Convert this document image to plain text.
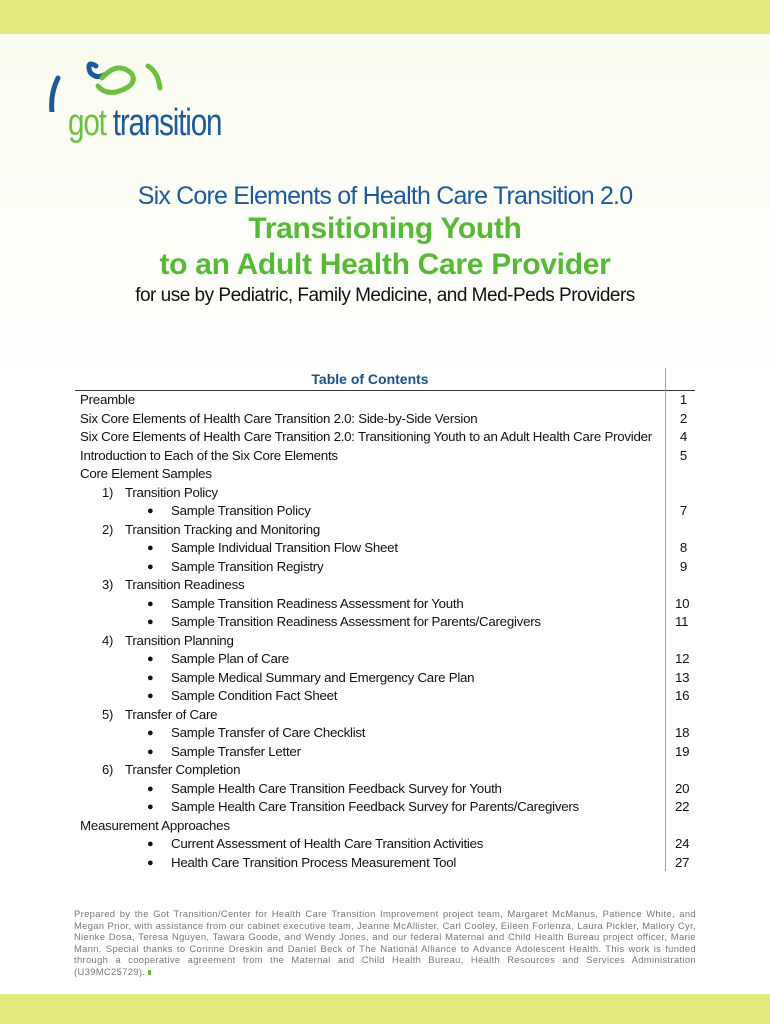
got transition
Six Core Elements of Health Care Transition 2.0
Transitioning Youth
to an Adult Health Care Provider
for use by Pediatric, Family Medicine, and Med-Peds Providers
Table of Contents
Preamble	1
Six Core Elements of Health Care Transition 2.0: Side-by-Side Version	2
Six Core Elements of Health Care Transition 2.0: Transitioning Youth to an Adult Health Care Provider	4
Introduction to Each of the Six Core Elements	5
Core Element Samples
1) Transition Policy
● Sample Transition Policy	7
2) Transition Tracking and Monitoring
● Sample Individual Transition Flow Sheet	8
● Sample Transition Registry	9
3) Transition Readiness
● Sample Transition Readiness Assessment for Youth	10
● Sample Transition Readiness Assessment for Parents/Caregivers	11
4) Transition Planning
● Sample Plan of Care	12
● Sample Medical Summary and Emergency Care Plan	13
● Sample Condition Fact Sheet	16
5) Transfer of Care
● Sample Transfer of Care Checklist	18
● Sample Transfer Letter	19
6) Transfer Completion
● Sample Health Care Transition Feedback Survey for Youth	20
● Sample Health Care Transition Feedback Survey for Parents/Caregivers	22
Measurement Approaches
● Current Assessment of Health Care Transition Activities	24
● Health Care Transition Process Measurement Tool	27
Prepared by the Got Transition/Center for Health Care Transition Improvement project team, Margaret McManus, Patience White, and Megan Prior, with assistance from our cabinet executive team, Jeanne McAllister, Carl Cooley, Eileen Forlenza, Laura Pickler, Mallory Cyr, Nienke Dosa, Teresa Nguyen, Tawara Goode, and Wendy Jones, and our federal Maternal and Child Health Bureau project officer, Marie Mann. Special thanks to Corinne Dreskin and Daniel Beck of The National Alliance to Advance Adolescent Health. This work is funded through a cooperative agreement from the Maternal and Child Health Bureau, Health Resources and Services Administration (U39MC25729).
